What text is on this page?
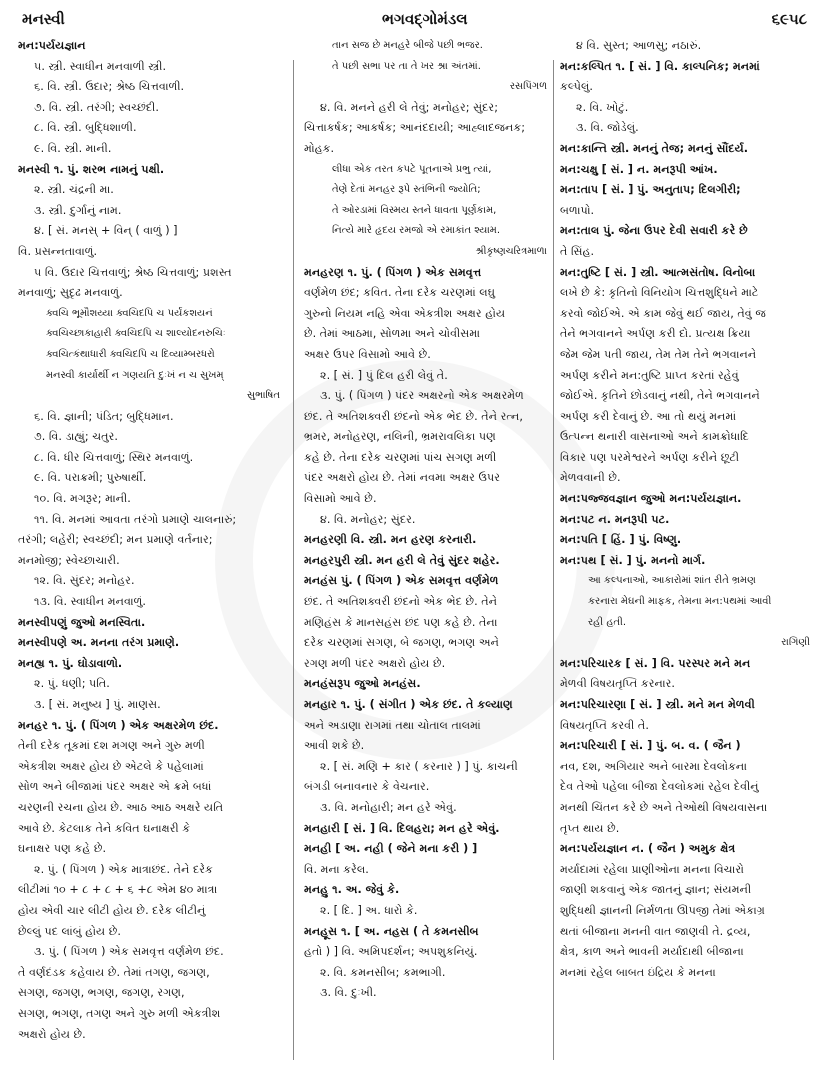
મનસ્વી	ભગવદ્ગોમંડલ	૬૯૫૮
મન:પર્યયજ્ઞાન
૫. સ્ત્રી. સ્વાધીન મનવાળી સ્ત્રી.
૬. વિ. સ્ત્રી. ઉદાર; શ્રેષ્ઠ ચિત્તવાળી.
૭. વિ. સ્ત્રી. તરંગી; સ્વચ્છંદી.
૮. વિ. સ્ત્રી. બુદ્ધિશાળી.
૯. વિ. સ્ત્રી. માની.
મનસ્વી ૧. પું. શરભ નામનું પક્ષી.
૨. સ્ત્રી. ચંદ્રની મા.
૩. સ્ત્રી. દુર્ગાનું નામ.
૪. [ સં. મનસ્ + વિન્ ( વાળું ) ]
વિ. પ્રસન્નતાવાળું.
૫ વિ. ઉદાર ચિત્તવાળું; શ્રેષ્ઠ ચિત્તવાળું; પ્રશસ્ત
મનવાળું; સુદૃઢ મનવાળું.
ક્વચિ ભૂમૌશય્યા ક્વચિદપિ ચ પર્યંકશયનં
ક્વચિચ્છાકાહારી ક્વચિદપિ ચ શાલ્યોદનરુચિઃ
ક્વચિત્કંથાધારી ક્વચિદપિ ચ દિવ્યામ્બરધરો
મનસ્વી કાર્યાર્થી ન ગણયતિ દુઃખં ન ચ સુખમ્
સુભાષિત
૬. વિ. જ્ઞાની; પંડિત; બુદ્ધિમાન.
૭. વિ. ડાહ્યું; ચતુર.
૮. વિ. ધીર ચિત્તવાળું; સ્થિર મનવાળું.
૯. વિ. પરાક્રમી; પુરુષાર્થી.
૧૦. વિ. મગરૂર; માની.
૧૧. વિ. મનમાં આવતા તરંગો પ્રમાણે ચાલનારું;
તરંગી; લહેરી; સ્વચ્છંદી; મન પ્રમાણે વર્તનાર;
મનમોજી; સ્વેચ્છાચારી.
૧૨. વિ. સુંદર; મનોહર.
૧૩. વિ. સ્વાધીન મનવાળું.
મનસ્વીપણું જુઓ મનસ્વિતા.
મનસ્વીપણે અ. મનના તરંગ પ્રમાણે.
મનહ્ય ૧. પું. ઘોડાવાળો.
૨. પું. ધણી; પતિ.
૩. [ સં. મનુષ્ય ] પું. માણસ.
મનહર ૧. પું. ( પિંગળ ) એક અક્ષરમેળ છંદ.
તેની દરેક તૂકમાં દશ મગણ અને ગુરુ મળી
એકત્રીશ અક્ષર હોય છે એટલે કે પહેલામાં
સોળ અને બીજામાં પંદર અક્ષર એ ક્રમે બધાં
ચરણની રચના હોય છે. આઠ આઠ અક્ષરે યતિ
આવે છે. કેટલાક તેને કવિત ઘનાક્ષરી કે
ઘનાક્ષર પણ કહે છે.
૨. પું. ( પિંગળ ) એક માત્રાછંદ. તેને દરેક
લીટીમાં ૧૦ + ૮ + ૮ + ૬ +૮ એમ ૪૦ માત્રા
હોય એવી ચાર લીટી હોય છે. દરેક લીટીનું
છેલ્લું પદ લાંબું હોય છે.
૩. પું. ( પિંગળ ) એક સમવૃત્ત વર્ણમેળ છંદ.
તે વર્ણદંડક કહેવાય છે. તેમાં તગણ, જગણ,
સગણ, જગણ, ભગણ, જગણ, રગણ,
સગણ, ભગણ, તગણ અને ગુરુ મળી એકત્રીશ
અક્ષરો હોય છે.
તાન સજ છે મનહરે બીજે પછી ભજર.
તે પછી સભા પર તા તે ખર શ્રા અંતમાં.
રસપિંગળ
૪. વિ. મનને હરી લે તેવું; મનોહર; સુંદર;
ચિત્તાકર્ષક; આકર્ષક; આનંદદાયી; આહ્લાદજનક;
મોહક.
લીધા એક તરત કપટે પૂતનાએ પ્રભુ ત્યાં,
તેણે દેતાં મનહર રૂપે સ્તંભિની જ્યોતિ;
તે ઓરડામાં વિસ્મય સ્તને ધાવતા પૂર્ણકામ,
નિત્યે મારે હૃદય રમજો એ રમાકાંત શ્યામ.
શ્રીકૃષ્ણચરિત્રમાળા
મનહરણ ૧. પું. ( પિંગળ ) એક સમવૃત્ત
વર્ણમેળ છંદ; કવિત. તેના દરેક ચરણમાં લઘુ
ગુરુનો નિયમ નહિ એવા એકત્રીશ અક્ષર હોય
છે. તેમાં આઠમા, સોળમા અને ચોવીસમા
અક્ષર ઉપર વિસામો આવે છે.
૨. [ સં. ] પું દિલ હરી લેવું તે.
૩. પું. ( પિંગળ ) પંદર અક્ષરનો એક અક્ષરમેળ
છંદ. તે અતિશક્વરી છંદનો એક ભેદ છે. તેને રત્ન,
ભ્રમર, મનોહરણ, નલિની, ભ્રમરાવલિકા પણ
કહે છે. તેના દરેક ચરણમાં પાંચ સગણ મળી
પંદર અક્ષરો હોય છે. તેમાં નવમા અક્ષર ઉપર
વિસામો આવે છે.
૪. વિ. મનોહર; સુંદર.
મનહરણી વિ. સ્ત્રી. મન હરણ કરનારી.
મનહરપુરી સ્ત્રી. મન હરી લે તેવું સુંદર શહેર.
મનહંસ પું. ( પિંગળ ) એક સમવૃત્ત વર્ણમેળ
છંદ. તે અતિશક્વરી છંદનો એક ભેદ છે. તેને
મણિહંસ કે માનસહંસ છંદ પણ કહે છે. તેના
દરેક ચરણમાં સગણ, બે જગણ, ભગણ અને
રગણ મળી પંદર અક્ષરો હોય છે.
મનહંસરૂપ જુઓ મનહંસ.
મનહાર ૧. પું. ( સંગીત ) એક છંદ. તે કલ્યાણ
અને અડાણા રાગમાં તથા ચોતાલ તાલમાં
આવી શકે છે.
૨. [ સં. મણિ + કાર ( કરનાર ) ] પું. કાચની
બંગડી બનાવનાર કે વેચનાર.
૩. વિ. મનોહારી; મન હરે એવું.
મનહારી [ સં. ] વિ. દિલહરા; મન હરે એવું.
મનહી [ અ. નહી ( જેને મના કરી ) ]
વિ. મના કરેલ.
મનહુ ૧. અ. જેવું કે.
૨. [ દિ. ] અ. ધારો કે.
મનહૂસ ૧. [ અ. નહસ ( તે કમનસીબ
હતો ) ] વિ. અમિપદર્શન; અપશુકનિયું.
૨. વિ. કમનસીબ; કમભાગી.
૩. વિ. દુઃખી.
૪ વિ. સુસ્ત; આળસુ; નઠારું.
મન:કલ્પિત ૧. [ સં. ] વિ. કાલ્પનિક; મનમાં
કલ્પેલું.
૨. વિ. ખોટું.
૩. વિ. જોડેલું.
મન:કાન્તિ સ્ત્રી. મનનું તેજ; મનનું સૌંદર્ય.
મન:ચક્ષુ [ સં. ] ન. મનરૂપી આંખ.
મન:તાપ [ સં. ] પું. અનુતાપ; દિલગીરી;
બળાપો.
મન:તાલ પું. જેના ઉપર દેવી સવારી કરે છે
તે સિંહ.
મન:તુષ્ટિ [ સં. ] સ્ત્રી. આત્મસંતોષ. વિનોબા
લખે છે કે: કૃતિનો વિનિયોગ ચિત્તશુદ્ધિને માટે
કરવો જોઈએ. એ કામ જેવું થઈ જાય, તેવું જ
તેને ભગવાનને અર્પણ કરી દો. પ્રત્યક્ષ ક્રિયા
જેમ જેમ પતી જાય, તેમ તેમ તેને ભગવાનને
અર્પણ કરીને મન:તુષ્ટિ પ્રાપ્ત કરતાં રહેવું
જોઈએ. કૃતિને છોડવાનું નથી, તેને ભગવાનને
અર્પણ કરી દેવાનું છે. આ તો થયું મનમાં
ઉત્પન્ન થનારી વાસનાઓ અને કામક્રોધાદિ
વિકાર પણ પરમેશ્વરને અર્પણ કરીને છૂટી
મેળવવાની છે.
મન:પજ્જવજ્ઞાન જુઓ મન:પર્યયજ્ઞાન.
મન:પટ ન. મનરૂપી પટ.
મન:પતિ [ હિં. ] પું. વિષ્ણુ.
મન:પથ [ સં. ] પું. મનનો માર્ગ.
આ કલ્પનાઓ, આકારોમાં શાંત રીતે ભ્રમણ
કરનારા મેઘની માફક, તેમના મન:પથમાં આવી
રહી હતી.
રાગિણી
મન:પરિચારક [ સં. ] વિ. પરસ્પર મને મન
મેળવી વિષયતૃપ્તિ કરનાર.
મન:પરિચારણા [ સં. ] સ્ત્રી. મને મન મેળવી
વિષયતૃપ્તિ કરવી તે.
મન:પરિચારી [ સં. ] પું. બ. વ. ( જૈન )
નવ, દશ, અગિયાર અને બારમા દેવલોકના
દેવ તેઓ પહેલા બીજા દેવલોકમાં રહેલ દેવીનું
મનથી ચિંતન કરે છે અને તેઓથી વિષયવાસના
તૃપ્ત થાય છે.
મન:પર્યયજ્ઞાન ન. ( જૈન ) અમુક ક્ષેત્ર
મર્યાદામાં રહેલા પ્રાણીઓના મનના વિચારો
જાણી શકવાનું એક જાતનું જ્ઞાન; સંયમની
શુદ્ધિથી જ્ઞાનની નિર્મળતા ઊપજી તેમાં એકાગ્ર
થતાં બીજાના મનની વાત જાણવી તે. દ્રવ્ય,
ક્ષેત્ર, કાળ અને ભાવની મર્યાદાથી બીજાના
મનમાં રહેલ બાબત ઇંદ્રિય કે મનના
